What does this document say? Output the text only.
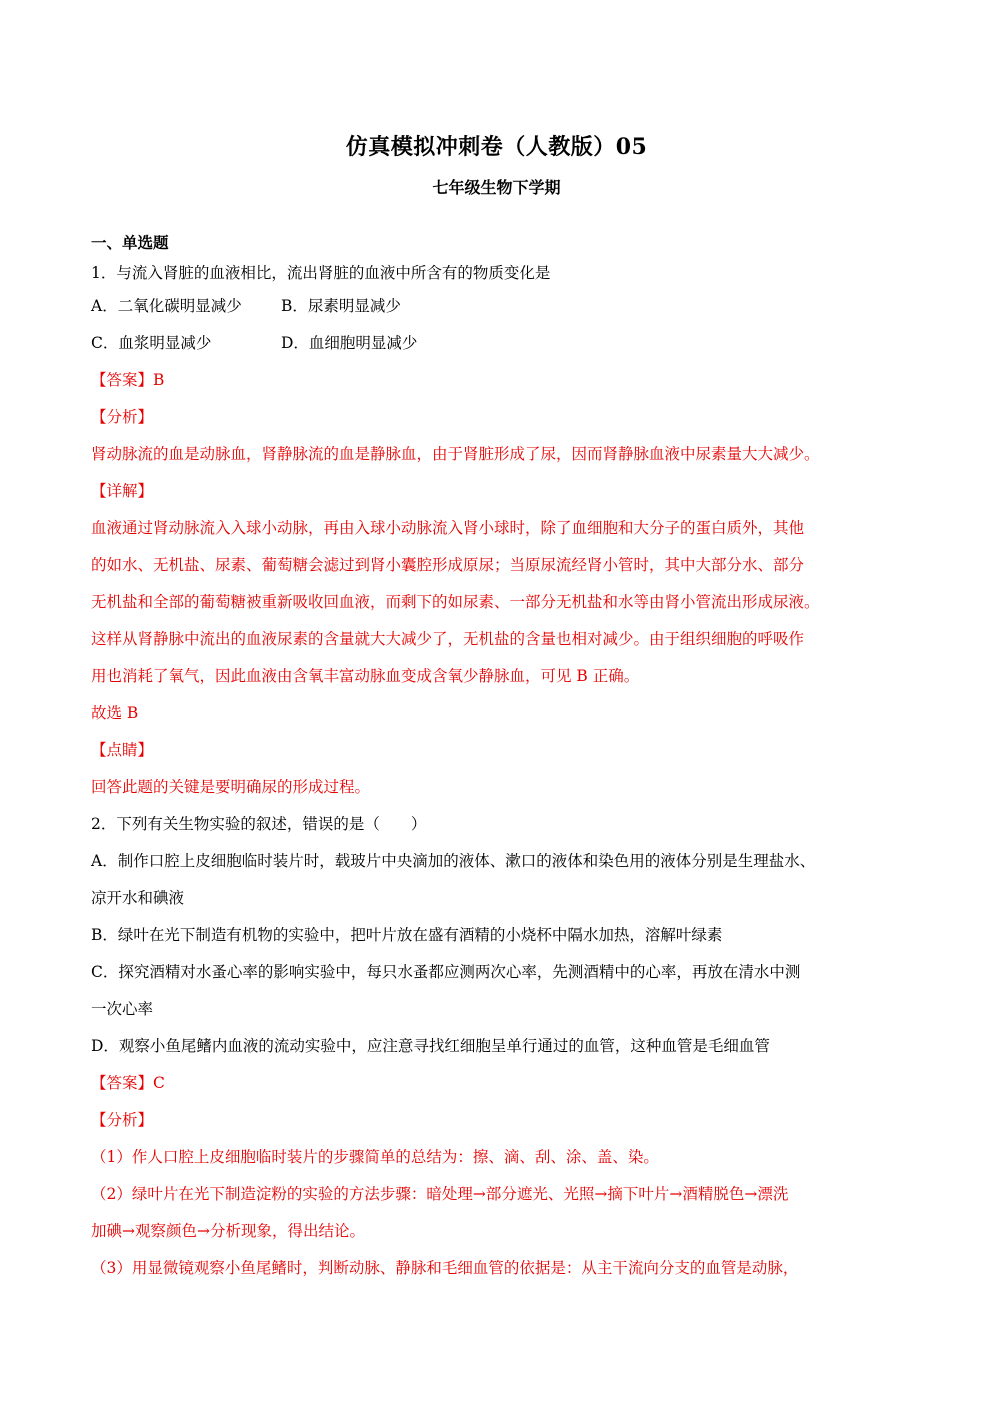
仿真模拟冲刺卷（人教版）05
七年级生物下学期
一、单选题
1．与流入肾脏的血液相比，流出肾脏的血液中所含有的物质变化是
A．二氧化碳明显减少	B．尿素明显减少
C．血浆明显减少	D．血细胞明显减少
【答案】B
【分析】
肾动脉流的血是动脉血，肾静脉流的血是静脉血，由于肾脏形成了尿，因而肾静脉血液中尿素量大大减少。
【详解】
血液通过肾动脉流入入球小动脉，再由入球小动脉流入肾小球时，除了血细胞和大分子的蛋白质外，其他
的如水、无机盐、尿素、葡萄糖会滤过到肾小囊腔形成原尿；当原尿流经肾小管时，其中大部分水、部分
无机盐和全部的葡萄糖被重新吸收回血液，而剩下的如尿素、一部分无机盐和水等由肾小管流出形成尿液。
这样从肾静脉中流出的血液尿素的含量就大大减少了，无机盐的含量也相对减少。由于组织细胞的呼吸作
用也消耗了氧气，因此血液由含氧丰富动脉血变成含氧少静脉血，可见 B 正确。
故选 B
【点睛】
回答此题的关键是要明确尿的形成过程。
2．下列有关生物实验的叙述，错误的是（　　）
A．制作口腔上皮细胞临时装片时，载玻片中央滴加的液体、漱口的液体和染色用的液体分别是生理盐水、
凉开水和碘液
B．绿叶在光下制造有机物的实验中，把叶片放在盛有酒精的小烧杯中隔水加热，溶解叶绿素
C．探究酒精对水蚤心率的影响实验中，每只水蚤都应测两次心率，先测酒精中的心率，再放在清水中测
一次心率
D．观察小鱼尾鳍内血液的流动实验中，应注意寻找红细胞呈单行通过的血管，这种血管是毛细血管
【答案】C
【分析】
（1）作人口腔上皮细胞临时装片的步骤简单的总结为：擦、滴、刮、涂、盖、染。
（2）绿叶片在光下制造淀粉的实验的方法步骤：暗处理→部分遮光、光照→摘下叶片→酒精脱色→漂洗
加碘→观察颜色→分析现象，得出结论。
（3）用显微镜观察小鱼尾鳍时，判断动脉、静脉和毛细血管的依据是：从主干流向分支的血管是动脉，
